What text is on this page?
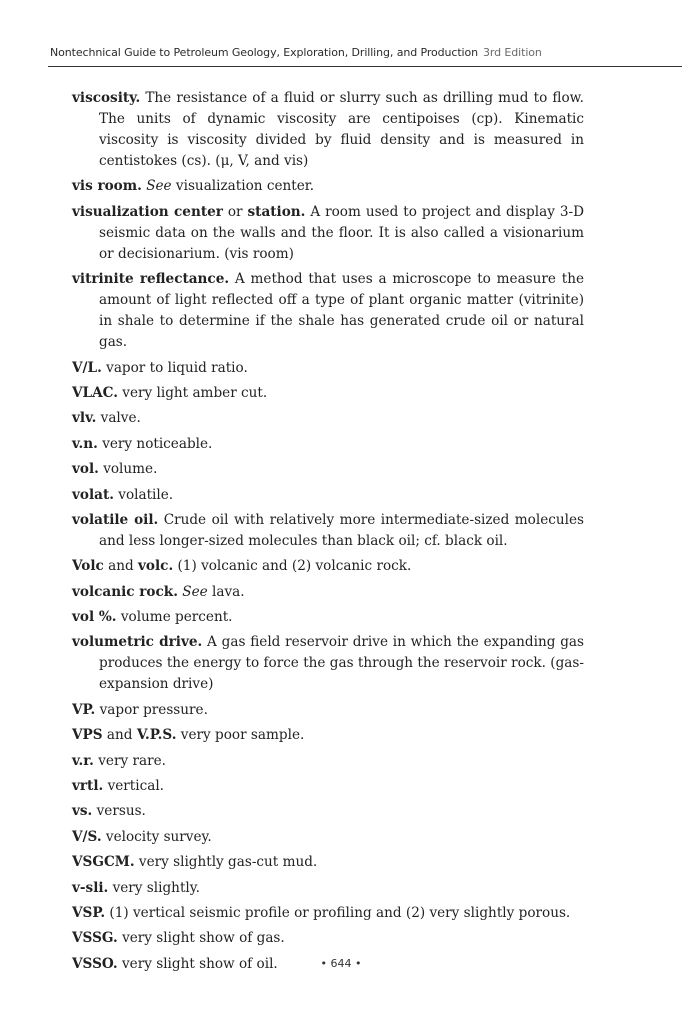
Nontechnical Guide to Petroleum Geology, Exploration, Drilling, and Production 3rd Edition

viscosity. The resistance of a fluid or slurry such as drilling mud to flow. The units of dynamic viscosity are centipoises (cp). Kinematic viscosity is viscosity divided by fluid density and is measured in centistokes (cs). (μ, V, and vis)

vis room. See visualization center.

visualization center or station. A room used to project and display 3-D seismic data on the walls and the floor. It is also called a visionarium or decisionarium. (vis room)

vitrinite reflectance. A method that uses a microscope to measure the amount of light reflected off a type of plant organic matter (vitrinite) in shale to determine if the shale has generated crude oil or natural gas.

V/L. vapor to liquid ratio.

VLAC. very light amber cut.

vlv. valve.

v.n. very noticeable.

vol. volume.

volat. volatile.

volatile oil. Crude oil with relatively more intermediate-sized molecules and less longer-sized molecules than black oil; cf. black oil.

Volc and volc. (1) volcanic and (2) volcanic rock.

volcanic rock. See lava.

vol %. volume percent.

volumetric drive. A gas field reservoir drive in which the expanding gas produces the energy to force the gas through the reservoir rock. (gas-expansion drive)

VP. vapor pressure.

VPS and V.P.S. very poor sample.

v.r. very rare.

vrtl. vertical.

vs. versus.

V/S. velocity survey.

VSGCM. very slightly gas-cut mud.

v-sli. very slightly.

VSP. (1) vertical seismic profile or profiling and (2) very slightly porous.

VSSG. very slight show of gas.

VSSO. very slight show of oil.	• 644 •
